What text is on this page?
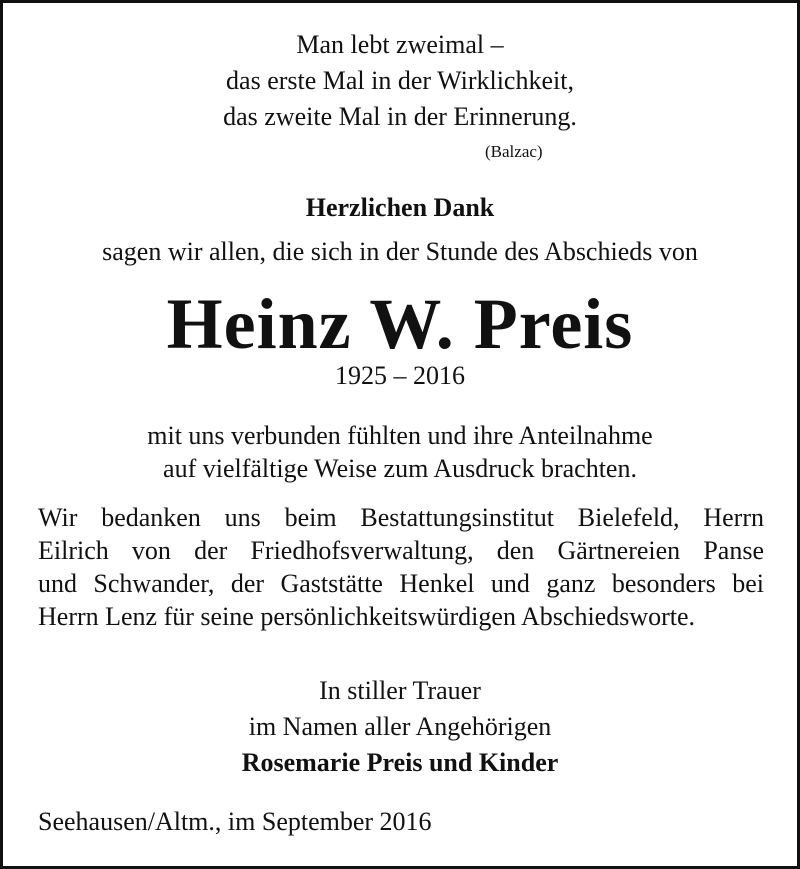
Man lebt zweimal –
das erste Mal in der Wirklichkeit,
das zweite Mal in der Erinnerung.
(Balzac)
Herzlichen Dank
sagen wir allen, die sich in der Stunde des Abschieds von
Heinz W. Preis
1925 – 2016
mit uns verbunden fühlten und ihre Anteilnahme
auf vielfältige Weise zum Ausdruck brachten.
Wir bedanken uns beim Bestattungsinstitut Bielefeld, Herrn
Eilrich von der Friedhofsverwaltung, den Gärtnereien Panse
und Schwander, der Gaststätte Henkel und ganz besonders bei
Herrn Lenz für seine persönlichkeitswürdigen Abschiedsworte.
In stiller Trauer
im Namen aller Angehörigen
Rosemarie Preis und Kinder
Seehausen/Altm., im September 2016
